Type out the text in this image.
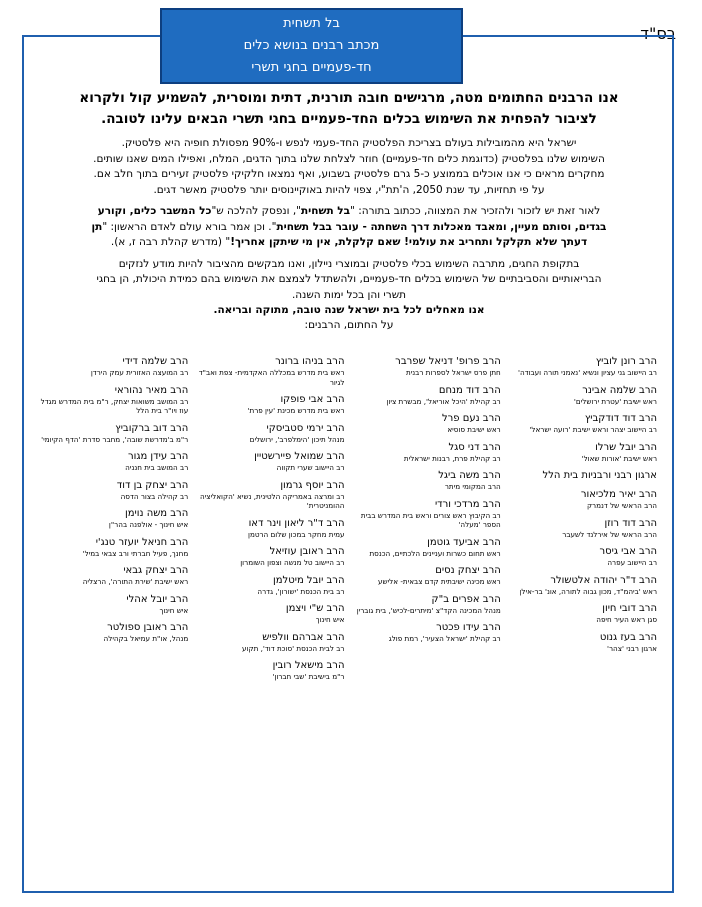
בס"ד
בל תשחית
מכתב רבנים בנושא כלים
חד-פעמיים בחגי תשרי

אנו הרבנים החתומים מטה, מרגישים חובה תורנית, דתית ומוסרית, להשמיע קול ולקרוא

לציבור להפחית את השימוש בכלים החד-פעמיים בחגי תשרי הבאים עלינו לטובה.

ישראל היא מהמובילות בעולם בצריכת הפלסטיק החד-פעמי לנפש ו-90% מפסולת חופיה היא פלסטיק.

השימוש שלנו בפלסטיק (כדוגמת כלים חד-פעמיים) חוזר לצלחת שלנו בתוך הדגים, המלח, ואפילו המים שאנו שותים.

מחקרים מראים כי אנו אוכלים בממוצע כ-5 גרם פלסטיק בשבוע, ואף נמצאו חלקיקי פלסטיק זעירים בתוך חלב אם.

על פי תחזיות, עד שנת 2050, ה'תת"י, צפוי להיות באוקיינוסים יותר פלסטיק מאשר דגים.

לאור זאת יש לזכור ולהזכיר את המצווה, ככתוב בתורה: "בל תשחית", ונפסק להלכה ש"כל המשבר כלים, וקורע

בגדים, וסותם מעיין, ומאבד מאכלות דרך השחתה - עובר בבל תשחית". וכן אמר בורא עולם לאדם הראשון: "תן

דעתך שלא תקלקל ותחריב את עולמי! שאם קלקלת, אין מי שיתקן אחריך!" (מדרש קהלת רבה ז, א).

בתקופת החגים, מתרבה השימוש בכלי פלסטיק ובמוצרי ניילון, ואנו מבקשים מהציבור להיות מודע לנזקים

הבריאותיים והסביבתיים של השימוש בכלים חד-פעמיים, ולהשתדל לצמצם את השימוש בהם כמידת היכולת, הן בחגי

תשרי והן בכל ימות השנה.

אנו מאחלים לכל בית ישראל שנה טובה, מתוקה ובריאה.

על החתום, הרבנים:

הרב רונן לוביץ
רב היישוב גני עציון ונשיא 'נאמני תורה ועבודה'
הרב שלמה אבינר
ראש ישיבת 'עטרת ירושלים'
הרב דוד דודקביץ
רב היישוב יצהר וראש ישיבת 'רועה ישראל'
הרב יובל שרלו
ראש ישיבת 'אורות שאול'
ארגון רבני ורבניות בית הלל
הרב יאיר מלכיאור
הרב הראשי של דנמרק
הרב דוד רוזן
הרב הראשי של אירלנד לשעבר
הרב אבי גיסר
רב היישוב עפרה
הרב ד"ר יהודה אלטשולר
ראש 'ביהמ"ד, מכון גבוה לתורה, אונ' בר-אילן
הרב דובי חיון
סגן ראש העיר חיפה
הרב בעז גנוט
ארגון רבני 'צהר'
הרב פרופ' דניאל שפרבר
חתן פרס ישראל לספרות רבנית
הרב דוד מנחם
רב קהילת 'היכל אוריאל', מבשרת ציון
הרב נעם פרל
ראש ישיבת סוסיא
הרב דני סגל
רב קהילת פרת, רבנות ישראלית
הרב משה ביגל
הרב המקומי מיתר
הרב מרדכי ורדי
רב הקיבוץ ראש צורים וראש בית המדרש בבית הספר 'מעלה'
הרב אביעד גוטמן
ראש תחום כשרות ועניינים הלכתיים, הכנסת
הרב יצחק נסים
ראש מכינה ישיבתית קדם צבאית- אלישע
הרב אפרים ב"ק
מנהל המכינה הקד"צ 'מיתרים-לכיש', בית גוברין
הרב עידו פכטר
רב קהילת 'ישראל הצעיר', רמת פולג
הרב בניהו ברונר
ראש בית מדרש במכללה האקדמית- צפת ואב"ד לגיור
הרב אבי פופקו
ראש בית מדרש מכינת 'עין פרת'
הרב ירמי סטביסקי
מנהל תיכון 'הימלפרב', ירושלים
הרב שמואל פיירשטיין
רב היישוב שערי תקווה
הרב יוסף גרמון
רב ומרצה באמריקה הלטינית, נשיא 'הקואליציה ההומניטרית'
הרב ד"ר ליאון וינר דאו
עמית מחקר במכון שלום הרטמן
הרב ראובן עוזיאל
רב היישוב טל מנשה וצפון השומרון
הרב יובל מיטלמן
רב בית הכנסת 'ישורון', גדרה
הרב ש"י ויצמן
איש חינוך
הרב אברהם וולפיש
רב לבית הכנסת 'סוכת דוד', תקוע
הרב מישאל רובין
ר"מ בישיבת 'שבי חברון'
הרב שלמה דידי
רב המועצה האזורית עמק הירדן
הרב מאיר נהוראי
רב המושב משואות יצחק, ר"מ בית המדרש מגדל עוז ויו"ר בית הלל
הרב דוב ברקוביץ
ר"מ ב'מדרשת שובה', מחבר סדרת 'הדף הקיומי'
הרב עידן מגור
רב המושב בית חנניה
הרב יצחק בן דוד
רב קהילה בצור הדסה
הרב משה נוימן
איש חינוך - אולפנה בהר"ן
הרב חניאל יועזר טנג'י
מחנך, פעיל חברתי ורב צבאי במיל'
הרב יצחק גבאי
ראש ישיבת 'שירת התורה', הרצליה
הרב יובל אהלי
איש חינוך
הרב ראובן ספולטר
מנהל, או"ת עמיאל בקהילה
